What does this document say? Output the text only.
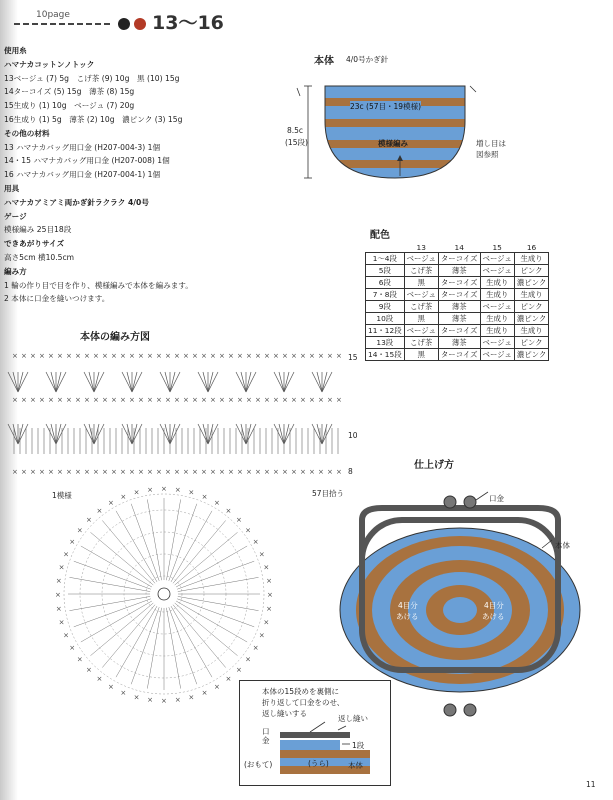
10page	13〜16
使用糸
ハマナカコットンノトック
13ベージュ (7) 5g　こげ茶 (9) 10g　黒 (10) 15g
14ターコイズ (5) 15g　薄茶 (8) 15g
15生成り (1) 10g　ベージュ (7) 20g
16生成り (1) 5g　薄茶 (2) 10g　濃ピンク (3) 15g
その他の材料
13 ハマナカバッグ用口金 (H207-004-3) 1個
14・15 ハマナカバッグ用口金 (H207-008) 1個
16 ハマナカバッグ用口金 (H207-004-1) 1個
用具
ハマナカアミアミ両かぎ針ラクラク 4/0号
ゲージ
模様編み 25目18段
できあがりサイズ
高さ5cm 横10.5cm
編み方
1 輪の作り目で目を作り、模様編みで本体を編みます。
2 本体に口金を縫いつけます。
本体 4/0号かぎ針
23c (57目・19模様)
模様編み
8.5c
(15段)	増し目は
図参照
配色
	13	14	15	16
1〜4段	ベージュ	ターコイズ	ベージュ	生成り
5段	こげ茶	薄茶	ベージュ	ピンク
6段	黒	ターコイズ	生成り	濃ピンク
7・8段	ベージュ	ターコイズ	生成り	生成り
9段	こげ茶	薄茶	ベージュ	ピンク
10段	黒	薄茶	生成り	濃ピンク
11・12段	ベージュ	ターコイズ	生成り	生成り
13段	こげ茶	薄茶	ベージュ	ピンク
14・15段	黒	ターコイズ	ベージュ	濃ピンク
本体の編み方図
× × × × × × × × × × × × × × × × × × × × × × × × × × × × × × × × × × × × ×
× × × × × × × × × × × × × × × × × × × × × × × × × × × × × × × × × × × × ×
× × × × × × × × × × × × × × × × × × × × × × × × × × × × × × × × × × × × ×
×
×
×
×
×
×
×
×
×
×
×
×
×
×
×
×
×
×
×
×
×
×
×
×
×
×
×
×
×
×
×
×
×
×
× × × × ×
×
×
×
×
×
×
×
×
×
15
10
8
1模様	57目拾う
仕上げ方
口金
本体
4目分
あける
4目分
あける
本体の15段めを裏側に
折り返して口金をのせ、
返し縫いする
返し縫い
1段
口金
(おもて)	(うら)	本体
11
